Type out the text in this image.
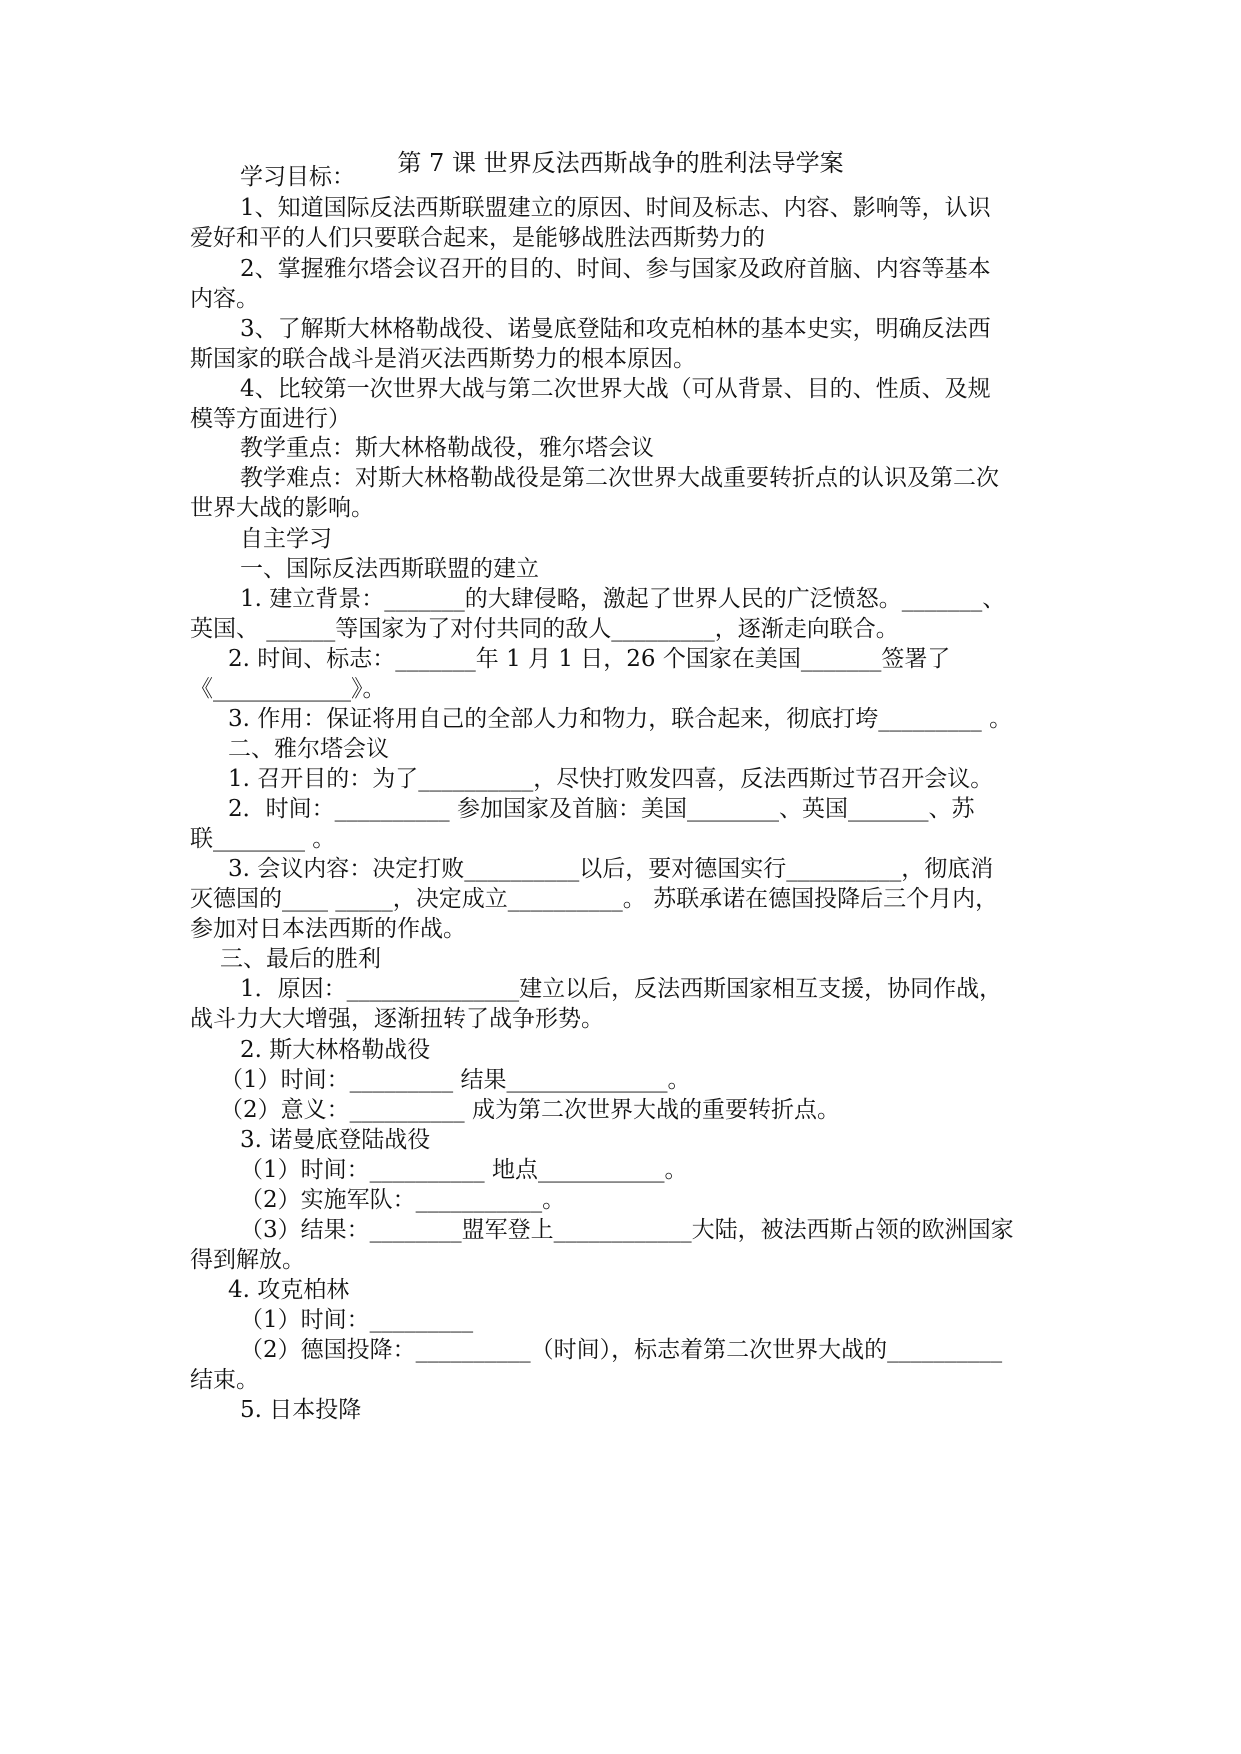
第 7 课 世界反法西斯战争的胜利法导学案
学习目标：
1、知道国际反法西斯联盟建立的原因、时间及标志、内容、影响等，认识
爱好和平的人们只要联合起来，是能够战胜法西斯势力的
2、掌握雅尔塔会议召开的目的、时间、参与国家及政府首脑、内容等基本
内容。
3、了解斯大林格勒战役、诺曼底登陆和攻克柏林的基本史实，明确反法西
斯国家的联合战斗是消灭法西斯势力的根本原因。
4、比较第一次世界大战与第二次世界大战（可从背景、目的、性质、及规
模等方面进行）
教学重点：斯大林格勒战役，雅尔塔会议
教学难点：对斯大林格勒战役是第二次世界大战重要转折点的认识及第二次
世界大战的影响。
自主学习
一、国际反法西斯联盟的建立
1. 建立背景：_______的大肆侵略，激起了世界人民的广泛愤怒。_______、
英国、 ______等国家为了对付共同的敌人_________，逐渐走向联合。
2. 时间、标志：_______年 1 月 1 日，26 个国家在美国_______签署了
《____________》。
3. 作用：保证将用自己的全部人力和物力，联合起来，彻底打垮_________ 。
二、雅尔塔会议
1. 召开目的：为了__________，尽快打败发四喜，反法西斯过节召开会议。
2．时间：__________ 参加国家及首脑：美国________、英国_______、苏
联________ 。
3. 会议内容：决定打败__________以后，要对德国实行__________，彻底消
灭德国的____ _____，决定成立__________。 苏联承诺在德国投降后三个月内，
参加对日本法西斯的作战。
三、最后的胜利
1．原因：_______________建立以后，反法西斯国家相互支援，协同作战，
战斗力大大增强，逐渐扭转了战争形势。
2. 斯大林格勒战役
（1）时间：_________ 结果______________。
（2）意义：__________ 成为第二次世界大战的重要转折点。
3. 诺曼底登陆战役
（1）时间：__________ 地点___________。
（2）实施军队：___________。
（3）结果：________盟军登上____________大陆，被法西斯占领的欧洲国家
得到解放。
4. 攻克柏林
（1）时间：_________
（2）德国投降：__________（时间），标志着第二次世界大战的__________
结束。
5. 日本投降
